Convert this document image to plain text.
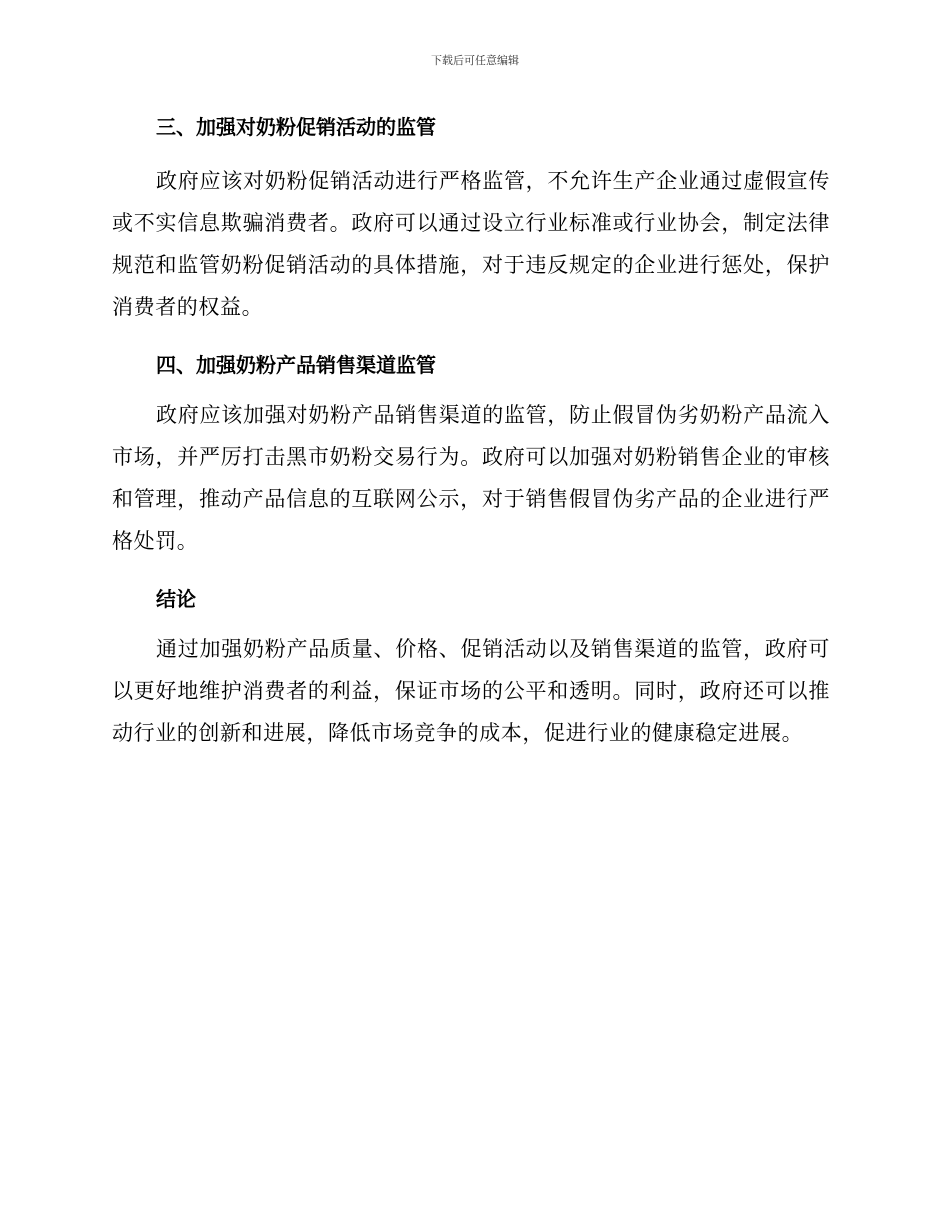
下载后可任意编辑
三、加强对奶粉促销活动的监管

政府应该对奶粉促销活动进行严格监管，不允许生产企业通过虚假宣传或不实信息欺骗消费者。政府可以通过设立行业标准或行业协会，制定法律规范和监管奶粉促销活动的具体措施，对于违反规定的企业进行惩处，保护消费者的权益。

四、加强奶粉产品销售渠道监管

政府应该加强对奶粉产品销售渠道的监管，防止假冒伪劣奶粉产品流入市场，并严厉打击黑市奶粉交易行为。政府可以加强对奶粉销售企业的审核和管理，推动产品信息的互联网公示，对于销售假冒伪劣产品的企业进行严格处罚。

结论

通过加强奶粉产品质量、价格、促销活动以及销售渠道的监管，政府可以更好地维护消费者的利益，保证市场的公平和透明。同时，政府还可以推动行业的创新和进展，降低市场竞争的成本，促进行业的健康稳定进展。
